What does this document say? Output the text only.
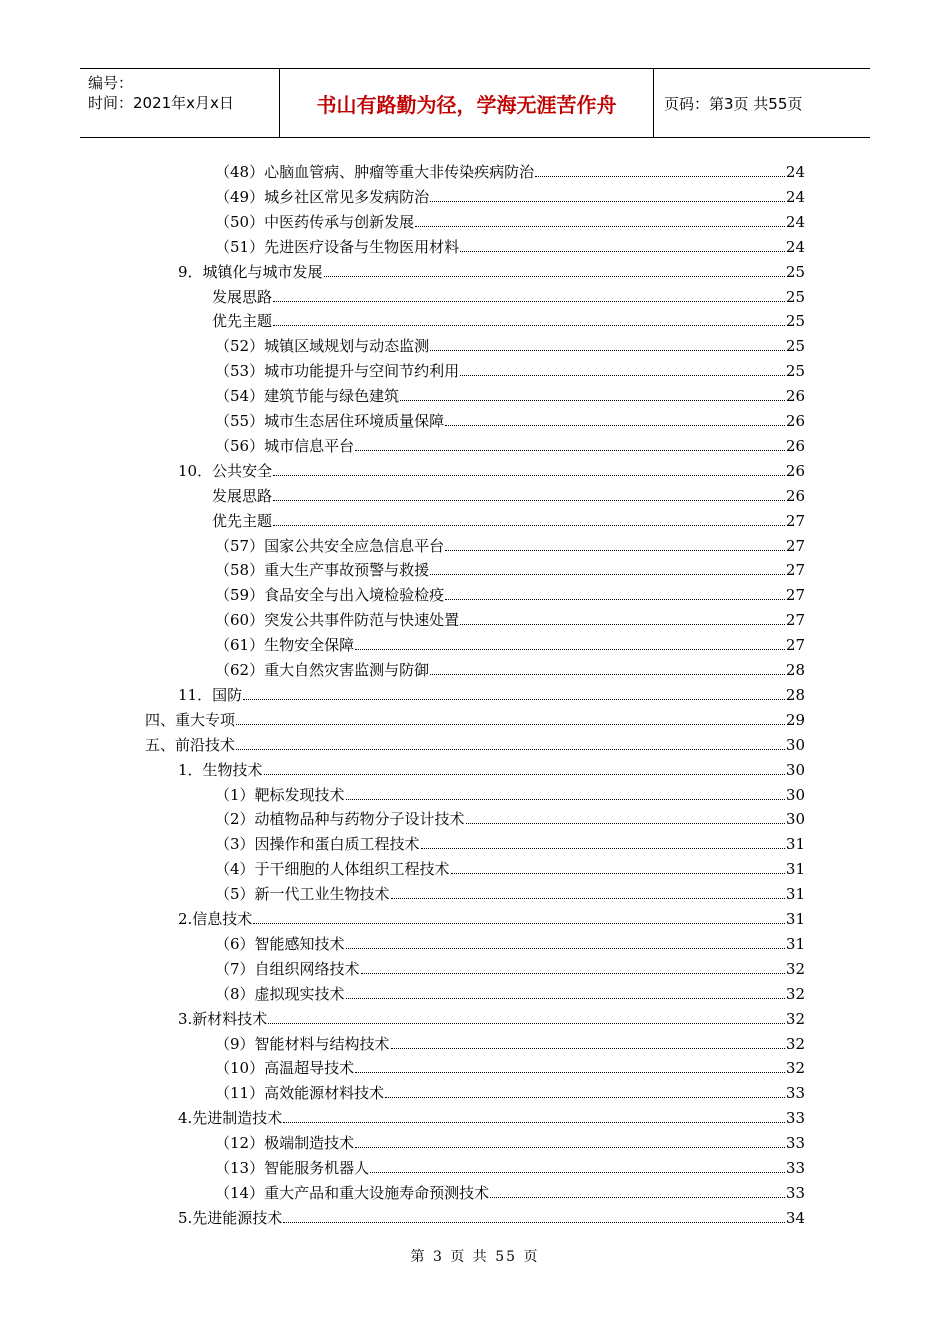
编号：
时间：2021年x月x日	书山有路勤为径，学海无涯苦作舟	页码：第3页 共55页
（48）心脑血管病、肿瘤等重大非传染疾病防治	24
（49）城乡社区常见多发病防治	24
（50）中医药传承与创新发展	24
（51）先进医疗设备与生物医用材料	24
9．城镇化与城市发展	25
发展思路	25
优先主题	25
（52）城镇区域规划与动态监测	25
（53）城市功能提升与空间节约利用	25
（54）建筑节能与绿色建筑	26
（55）城市生态居住环境质量保障	26
（56）城市信息平台	26
10．公共安全	26
发展思路	26
优先主题	27
（57）国家公共安全应急信息平台	27
（58）重大生产事故预警与救援	27
（59）食品安全与出入境检验检疫	27
（60）突发公共事件防范与快速处置	27
（61）生物安全保障	27
（62）重大自然灾害监测与防御	28
11．国防	28
四、重大专项	29
五、前沿技术	30
1．生物技术	30
（1）靶标发现技术	30
（2）动植物品种与药物分子设计技术	30
（3）因操作和蛋白质工程技术	31
（4）于干细胞的人体组织工程技术	31
（5）新一代工业生物技术	31
2.信息技术	31
（6）智能感知技术	31
（7）自组织网络技术	32
（8）虚拟现实技术	32
3.新材料技术	32
（9）智能材料与结构技术	32
（10）高温超导技术	32
（11）高效能源材料技术	33
4.先进制造技术	33
（12）极端制造技术	33
（13）智能服务机器人	33
（14）重大产品和重大设施寿命预测技术	33
5.先进能源技术	34
第 3 页 共 55 页
